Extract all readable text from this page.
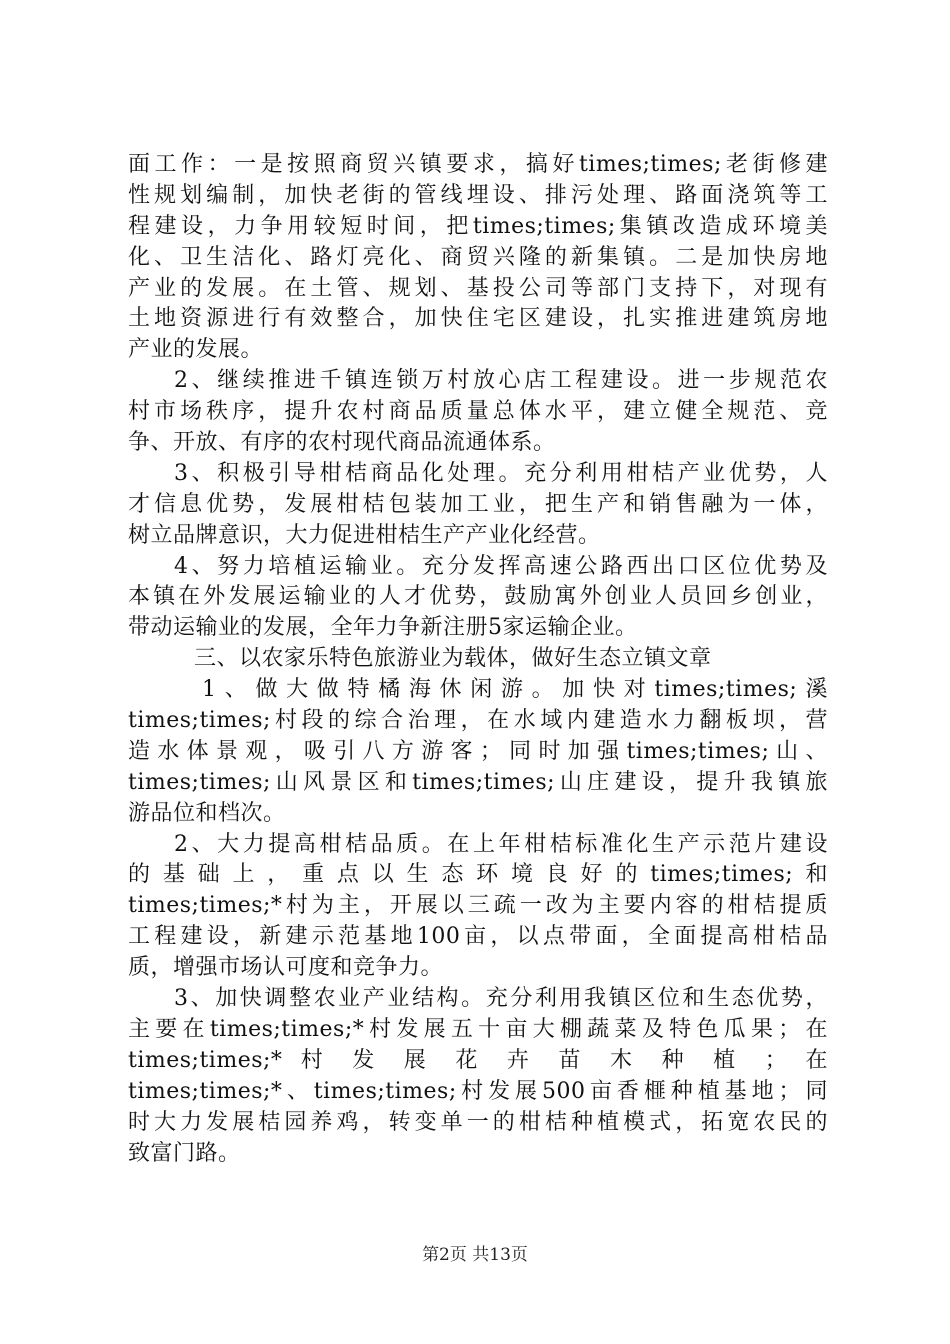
面工作：一是按照商贸兴镇要求，搞好times;times;老街修建
性规划编制，加快老街的管线埋设、排污处理、路面浇筑等工
程建设，力争用较短时间，把times;times;集镇改造成环境美
化、卫生洁化、路灯亮化、商贸兴隆的新集镇。二是加快房地
产业的发展。在土管、规划、基投公司等部门支持下，对现有
土地资源进行有效整合，加快住宅区建设，扎实推进建筑房地
产业的发展。
2、继续推进千镇连锁万村放心店工程建设。进一步规范农
村市场秩序，提升农村商品质量总体水平，建立健全规范、竞
争、开放、有序的农村现代商品流通体系。
3、积极引导柑桔商品化处理。充分利用柑桔产业优势，人
才信息优势，发展柑桔包装加工业，把生产和销售融为一体，
树立品牌意识，大力促进柑桔生产产业化经营。
4、努力培植运输业。充分发挥高速公路西出口区位优势及
本镇在外发展运输业的人才优势，鼓励寓外创业人员回乡创业，
带动运输业的发展，全年力争新注册5家运输企业。
三、以农家乐特色旅游业为载体，做好生态立镇文章
1、做大做特橘海休闲游。加快对times;times;溪
times;times;村段的综合治理，在水域内建造水力翻板坝，营
造水体景观，吸引八方游客；同时加强times;times;山、
times;times;山风景区和times;times;山庄建设，提升我镇旅
游品位和档次。
2、大力提高柑桔品质。在上年柑桔标准化生产示范片建设
的基础上，重点以生态环境良好的times;times;和
times;times;*村为主，开展以三疏一改为主要内容的柑桔提质
工程建设，新建示范基地100亩，以点带面，全面提高柑桔品
质，增强市场认可度和竞争力。
3、加快调整农业产业结构。充分利用我镇区位和生态优势，
主要在times;times;*村发展五十亩大棚蔬菜及特色瓜果；在
times;times;* 村 发 展 花 卉 苗 木 种 植 ； 在
times;times;*、times;times;村发展500亩香榧种植基地；同
时大力发展桔园养鸡，转变单一的柑桔种植模式，拓宽农民的
致富门路。
第2页 共13页
